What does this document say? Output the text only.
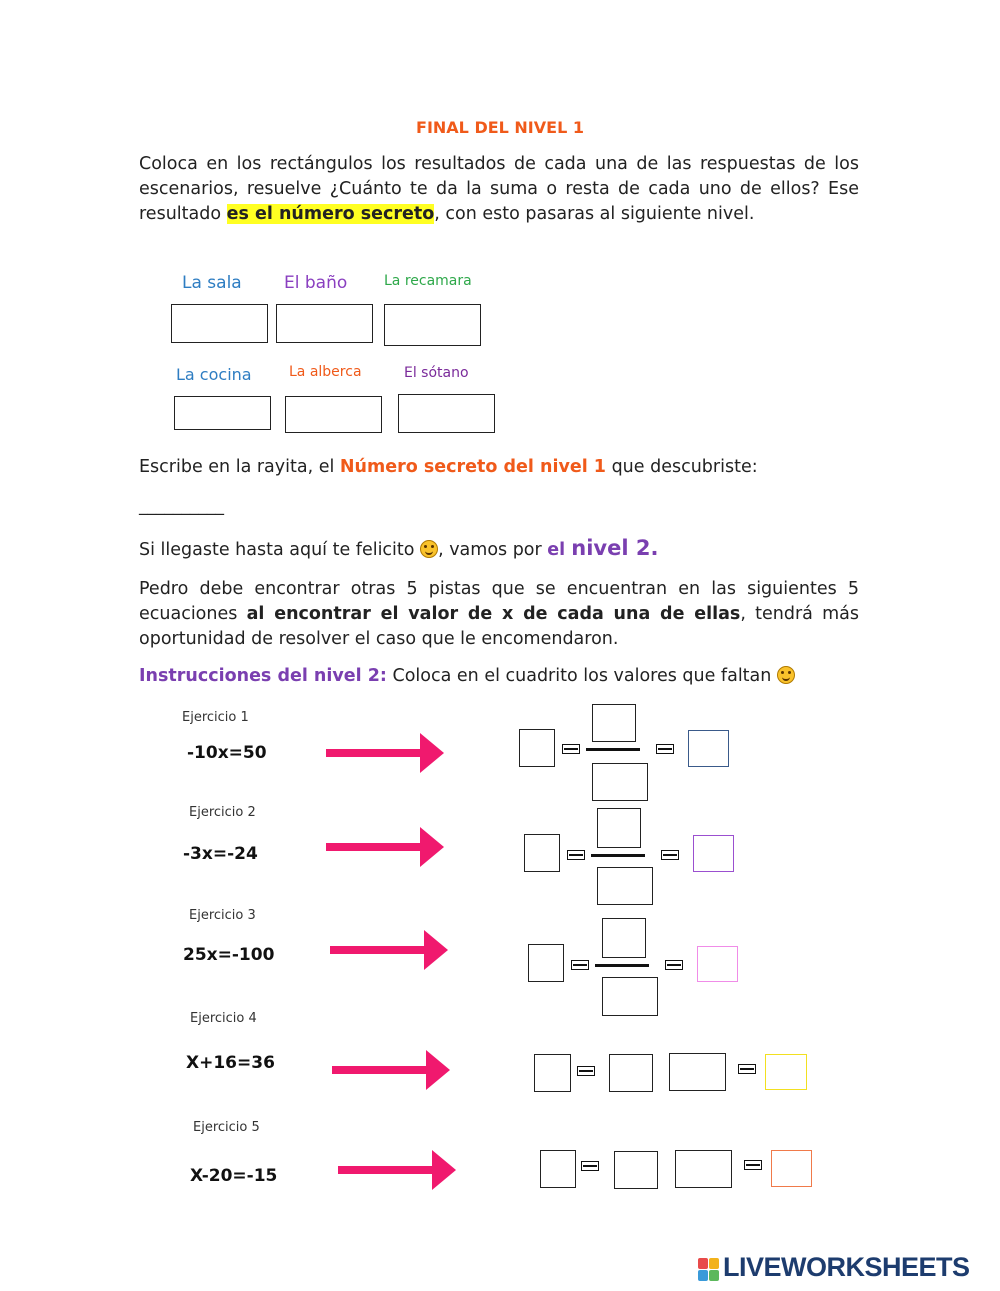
FINAL DEL NIVEL 1
Coloca en los rectángulos los resultados de cada una de las respuestas de los escenarios, resuelve ¿Cuánto te da la suma o resta de cada uno de ellos? Ese resultado es el número secreto, con esto pasaras al siguiente nivel.
La sala El baño	La recamara
La cocina	La alberca	El sótano
Escribe en la rayita, el Número secreto del nivel 1 que descubriste:
__________
Si llegaste hasta aquí te felicito , vamos por el nivel 2.
Pedro debe encontrar otras 5 pistas que se encuentran en las siguientes 5 ecuaciones al encontrar el valor de x de cada una de ellas, tendrá más oportunidad de resolver el caso que le encomendaron.
Instrucciones del nivel 2: Coloca en el cuadrito los valores que faltan
Ejercicio 1
-10x=50
Ejercicio 2
-3x=-24
Ejercicio 3
25x=-100
Ejercicio 4
X+16=36
Ejercicio 5
X-20=-15
LIVEWORKSHEETS
